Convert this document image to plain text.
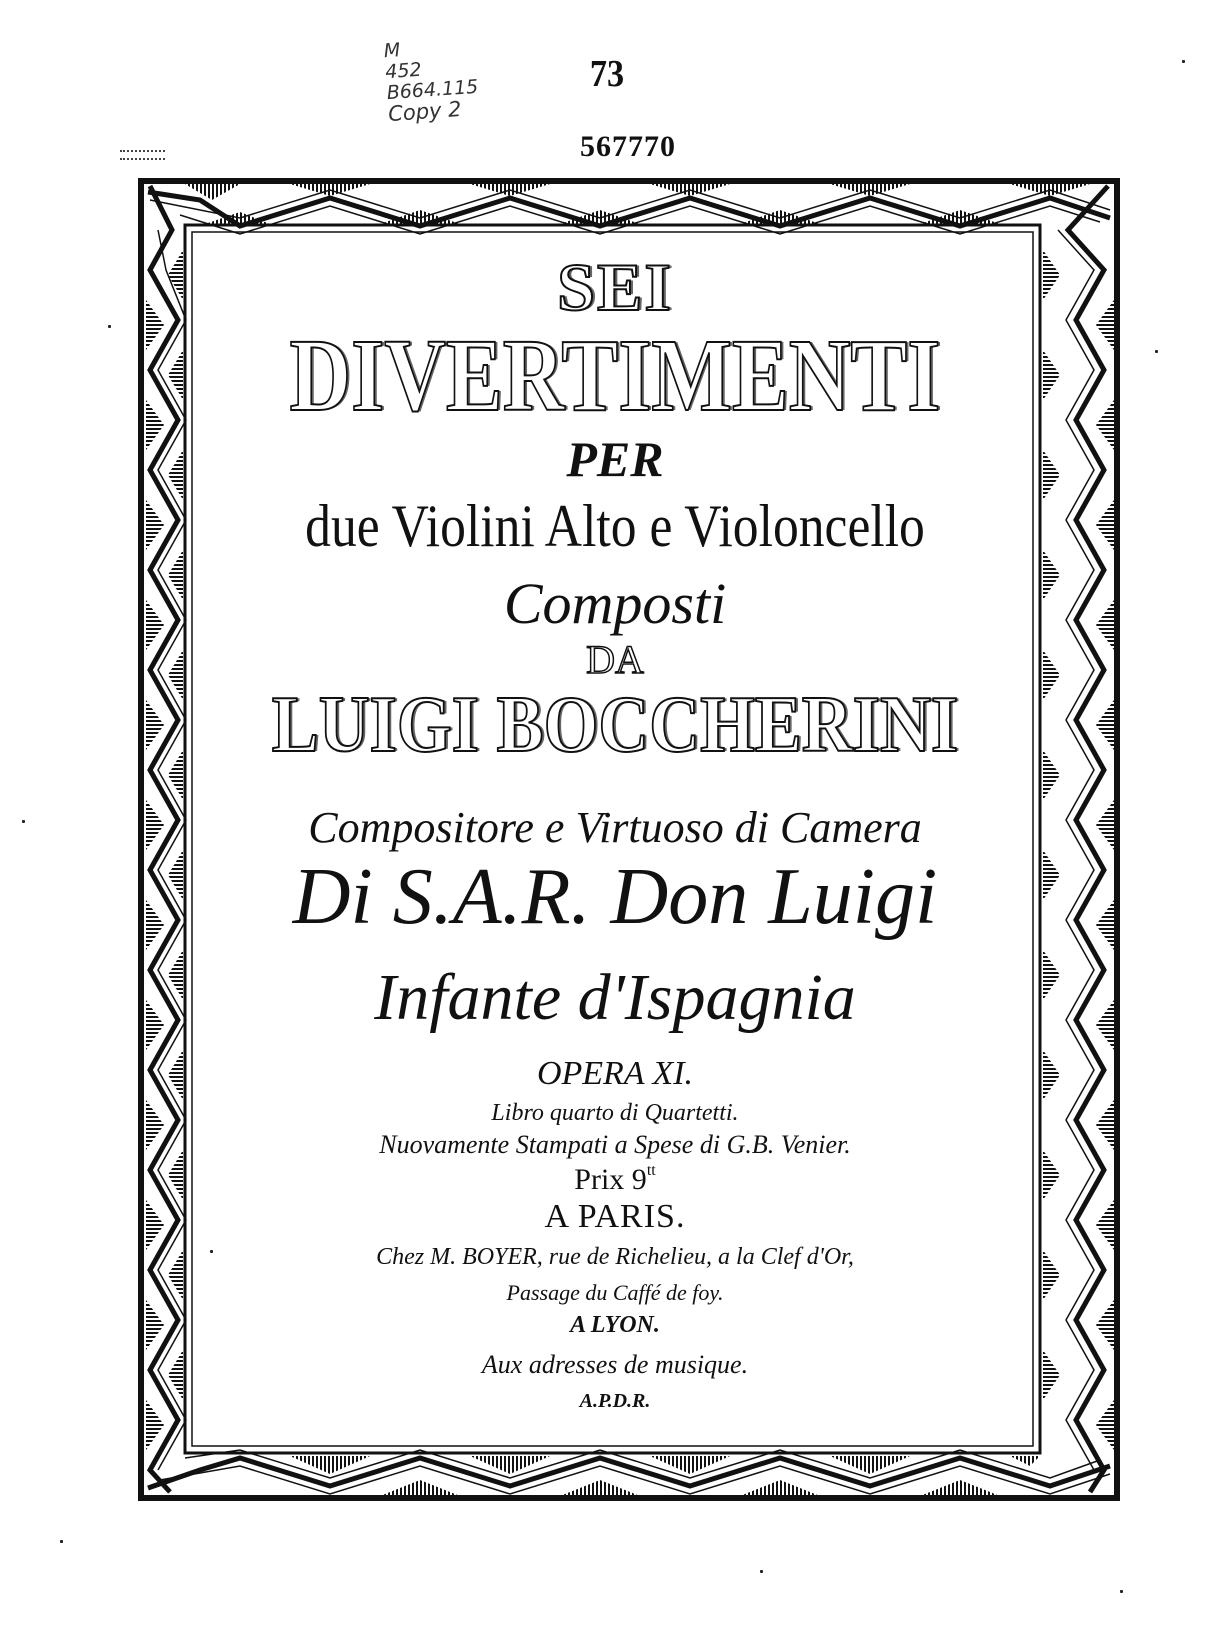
M
452
B664.115
Copy 2
73
567770
SEI
DIVERTIMENTI
PER
due Violini Alto e Violoncello
Composti
DA
LUIGI BOCCHERINI
Compositore e Virtuoso di Camera
Di S.A.R. Don Luigi
Infante d'Ispagnia
OPERA XI.
Libro quarto di Quartetti.
Nuovamente Stampati a Spese di G.B. Venier.
Prix $9^{tt}$
A PARIS.
Chez M. BOYER, rue de Richelieu, a la Clef d'Or,
Passage du Caffé de foy.
A LYON.
Aux adresses de musique.
A.P.D.R.
